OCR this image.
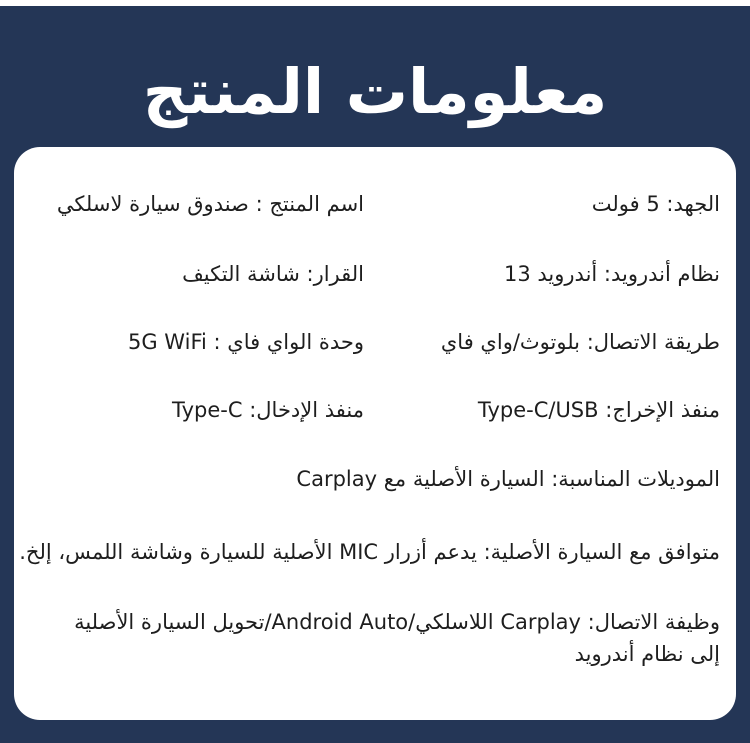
معلومات المنتج
الجهد: 5 فولت
نظام أندرويد: أندرويد 13
طريقة الاتصال: بلوتوث/واي فاي
منفذ الإخراج: Type-C/USB
اسم المنتج : صندوق سيارة لاسلكي
القرار: شاشة التكيف
وحدة الواي فاي : 5G WiFi
منفذ الإدخال: Type-C
الموديلات المناسبة: السيارة الأصلية مع Carplay
متوافق مع السيارة الأصلية: يدعم أزرار MIC الأصلية للسيارة وشاشة اللمس، إلخ.
وظيفة الاتصال: Carplay اللاسلكي/Android Auto/تحويل السيارة الأصلية إلى نظام أندرويد
